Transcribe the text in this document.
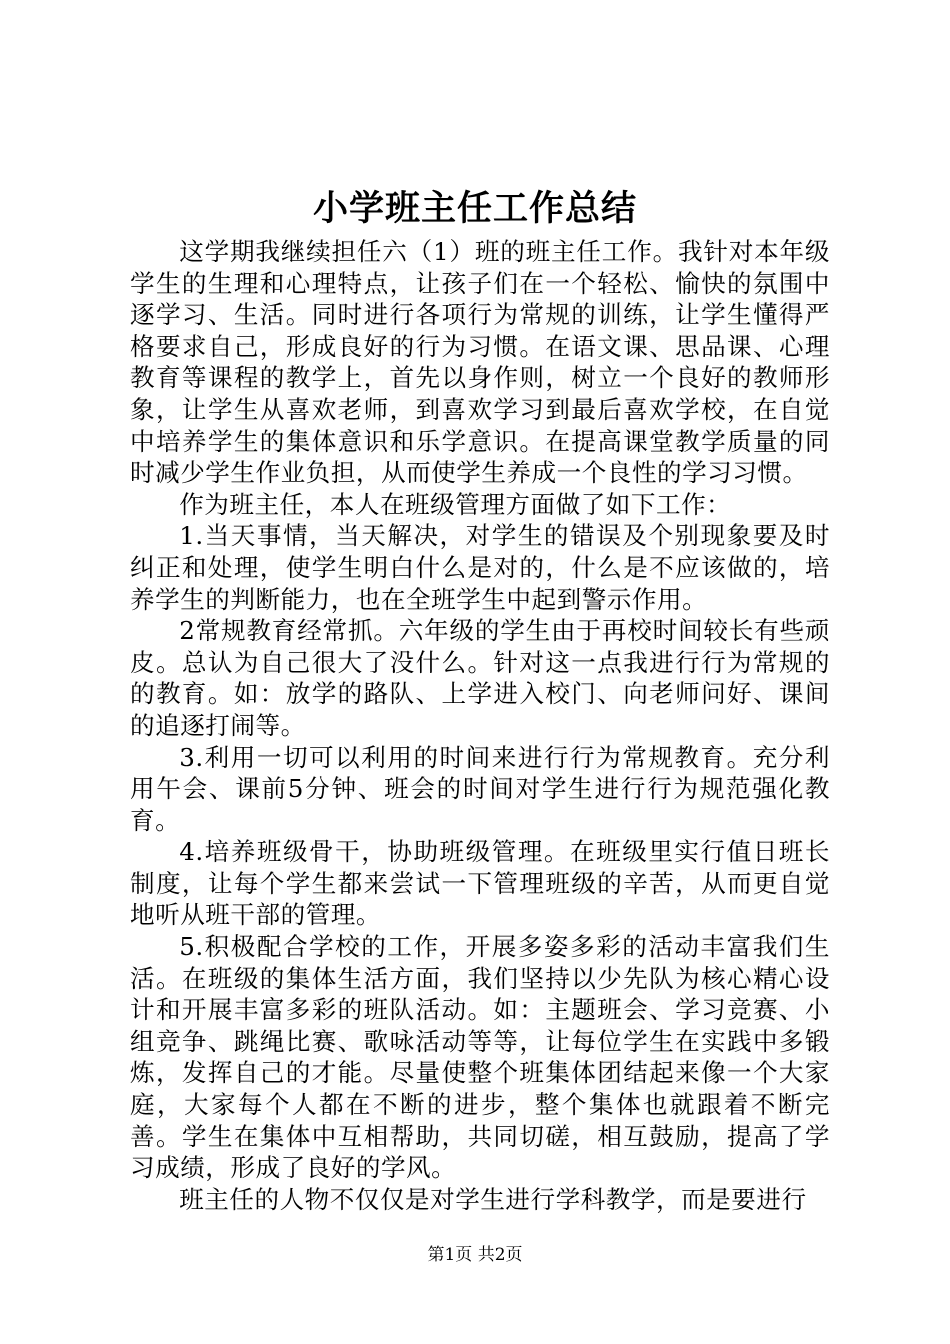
小学班主任工作总结

这学期我继续担任六（1）班的班主任工作。我针对本年级学生的生理和心理特点，让孩子们在一个轻松、愉快的氛围中逐学习、生活。同时进行各项行为常规的训练，让学生懂得严格要求自己，形成良好的行为习惯。在语文课、思品课、心理教育等课程的教学上，首先以身作则，树立一个良好的教师形象，让学生从喜欢老师，到喜欢学习到最后喜欢学校，在自觉中培养学生的集体意识和乐学意识。在提高课堂教学质量的同时减少学生作业负担，从而使学生养成一个良性的学习习惯。

作为班主任，本人在班级管理方面做了如下工作：

1.当天事情，当天解决，对学生的错误及个别现象要及时纠正和处理，使学生明白什么是对的，什么是不应该做的，培养学生的判断能力，也在全班学生中起到警示作用。

2常规教育经常抓。六年级的学生由于再校时间较长有些顽皮。总认为自己很大了没什么。针对这一点我进行行为常规的的教育。如：放学的路队、上学进入校门、向老师问好、课间的追逐打闹等。

3.利用一切可以利用的时间来进行行为常规教育。充分利用午会、课前5分钟、班会的时间对学生进行行为规范强化教育。

4.培养班级骨干，协助班级管理。在班级里实行值日班长制度，让每个学生都来尝试一下管理班级的辛苦，从而更自觉地听从班干部的管理。

5.积极配合学校的工作，开展多姿多彩的活动丰富我们生活。在班级的集体生活方面，我们坚持以少先队为核心精心设计和开展丰富多彩的班队活动。如：主题班会、学习竞赛、小组竞争、跳绳比赛、歌咏活动等等，让每位学生在实践中多锻炼，发挥自己的才能。尽量使整个班集体团结起来像一个大家庭，大家每个人都在不断的进步，整个集体也就跟着不断完善。学生在集体中互相帮助，共同切磋，相互鼓励，提高了学习成绩，形成了良好的学风。

班主任的人物不仅仅是对学生进行学科教学，而是要进行

第1页 共2页
